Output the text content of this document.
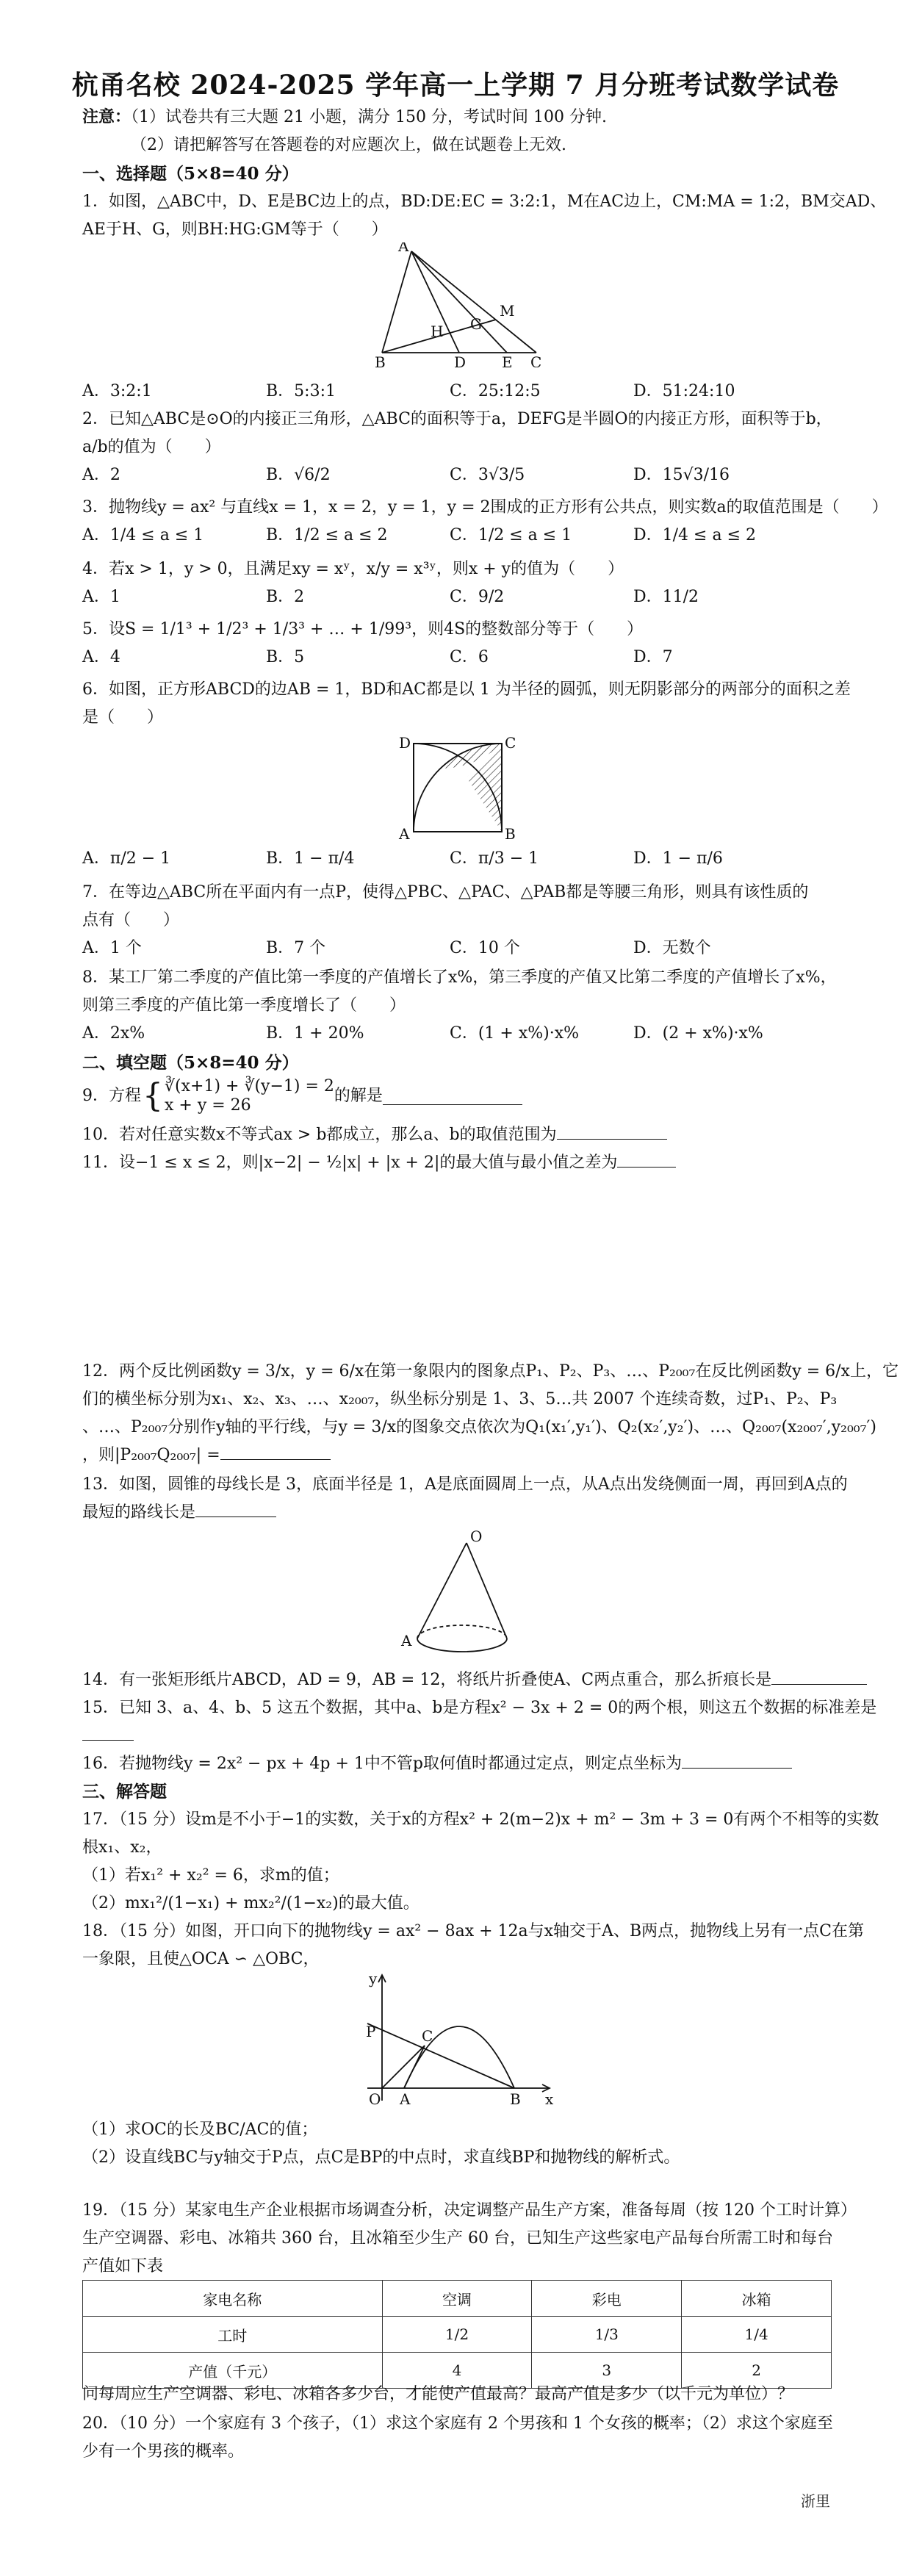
杭甬名校 2024-2025 学年高一上学期 7 月分班考试数学试卷
注意：（1）试卷共有三大题 21 小题，满分 150 分，考试时间 100 分钟.
（2）请把解答写在答题卷的对应题次上，做在试题卷上无效.
一、选择题（5×8=40 分）
1．如图，△ABC中，D、E是BC边上的点，BD:DE:EC = 3:2:1，M在AC边上，CM:MA = 1:2，BM交AD、
AE于H、G，则BH:HG:GM等于（　　）
A
B	D E C
H G
M
A．3:2:1	B．5:3:1	C．25:12:5	D．51:24:10
2．已知△ABC是⊙O的内接正三角形，△ABC的面积等于a，DEFG是半圆O的内接正方形，面积等于b，
a/b的值为（　　）
A．2	B．√6/2	C．3√3/5	D．15√3/16
3．抛物线y = ax² 与直线x = 1，x = 2，y = 1，y = 2围成的正方形有公共点，则实数a的取值范围是（　　）
A．1/4 ≤ a ≤ 1	B．1/2 ≤ a ≤ 2	C．1/2 ≤ a ≤ 1	D．1/4 ≤ a ≤ 2
4．若x > 1，y > 0，且满足xy = xʸ，x/y = x³ʸ，则x + y的值为（　　）
A．1	B．2	C．9/2	D．11/2
5．设S = 1/1³ + 1/2³ + 1/3³ + … + 1/99³，则4S的整数部分等于（　　）
A．4	B．5	C．6	D．7
6．如图，正方形ABCD的边AB = 1，BD和AC都是以 1 为半径的圆弧，则无阴影部分的两部分的面积之差
是（　　）
D	C
A	B
A．π/2 − 1	B．1 − π/4	C．π/3 − 1	D．1 − π/6
7．在等边△ABC所在平面内有一点P，使得△PBC、△PAC、△PAB都是等腰三角形，则具有该性质的
点有（　　）
A．1 个	B．7 个	C．10 个	D．无数个
8．某工厂第二季度的产值比第一季度的产值增长了x%，第三季度的产值又比第二季度的产值增长了x%，
则第三季度的产值比第一季度增长了（　　）
A．2x%	B．1 + 20%	C．(1 + x%)·x%	D．(2 + x%)·x%
二、填空题（5×8=40 分）
9．方程 { ∛(x+1) + ∛(y−1) = 2
x + y = 26
的解是
10．若对任意实数x不等式ax > b都成立，那么a、b的取值范围为
11．设−1 ≤ x ≤ 2，则|x−2| − ½|x| + |x + 2|的最大值与最小值之差为
12．两个反比例函数y = 3/x，y = 6/x在第一象限内的图象点P₁、P₂、P₃、…、P₂₀₀₇在反比例函数y = 6/x上，它
们的横坐标分别为x₁、x₂、x₃、…、x₂₀₀₇，纵坐标分别是 1、3、5…共 2007 个连续奇数，过P₁、P₂、P₃
、…、P₂₀₀₇分别作y轴的平行线，与y = 3/x的图象交点依次为Q₁(x₁′,y₁′)、Q₂(x₂′,y₂′)、…、Q₂₀₀₇(x₂₀₀₇′,y₂₀₀₇′)
，则|P₂₀₀₇Q₂₀₀₇| =
13．如图，圆锥的母线长是 3，底面半径是 1，A是底面圆周上一点，从A点出发绕侧面一周，再回到A点的
最短的路线长是
O
A
14．有一张矩形纸片ABCD，AD = 9，AB = 12，将纸片折叠使A、C两点重合，那么折痕长是
15．已知 3、a、4、b、5 这五个数据，其中a、b是方程x² − 3x + 2 = 0的两个根，则这五个数据的标准差是
16．若抛物线y = 2x² − px + 4p + 1中不管p取何值时都通过定点，则定点坐标为
三、解答题
17．（15 分）设m是不小于−1的实数，关于x的方程x² + 2(m−2)x + m² − 3m + 3 = 0有两个不相等的实数
根x₁、x₂，
（1）若x₁² + x₂² = 6，求m的值；
（2）mx₁²/(1−x₁) + mx₂²/(1−x₂)的最大值。
18．（15 分）如图，开口向下的抛物线y = ax² − 8ax + 12a与x轴交于A、B两点，抛物线上另有一点C在第
一象限，且使△OCA ∽ △OBC，
y
P	C
O A	B x
（1）求OC的长及BC/AC的值；
（2）设直线BC与y轴交于P点，点C是BP的中点时，求直线BP和抛物线的解析式。
19．（15 分）某家电生产企业根据市场调查分析，决定调整产品生产方案，准备每周（按 120 个工时计算）
生产空调器、彩电、冰箱共 360 台，且冰箱至少生产 60 台，已知生产这些家电产品每台所需工时和每台
产值如下表
家电名称	空调	彩电	冰箱
工时	1/2	1/3	1/4
产值（千元）	4	3	2
问每周应生产空调器、彩电、冰箱各多少台，才能使产值最高？最高产值是多少（以千元为单位）？
20．（10 分）一个家庭有 3 个孩子，（1）求这个家庭有 2 个男孩和 1 个女孩的概率；（2）求这个家庭至
少有一个男孩的概率。
浙里
